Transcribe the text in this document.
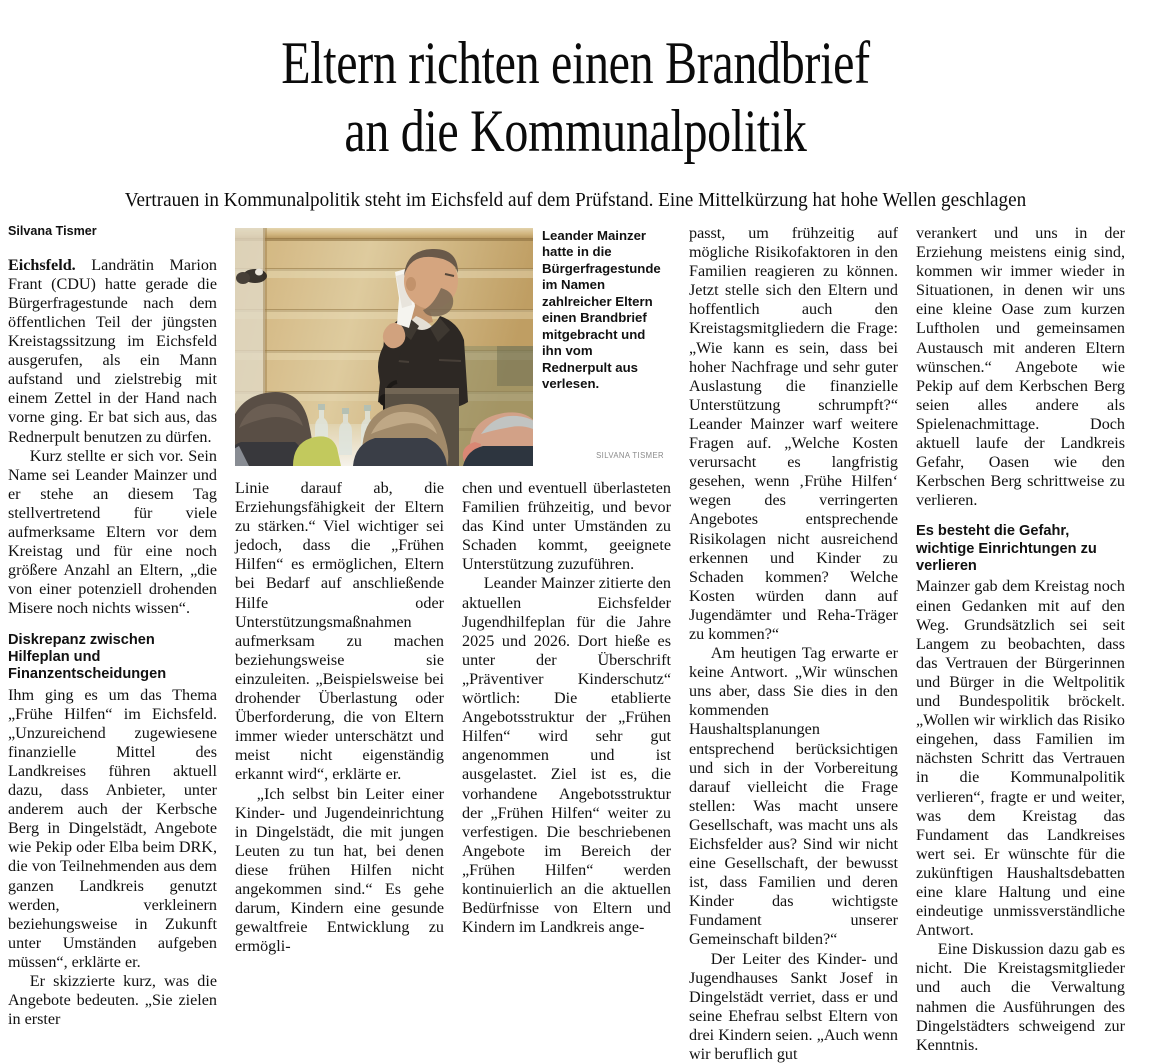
Eltern richten einen Brandbrief
an die Kommunalpolitik
Vertrauen in Kommunalpolitik steht im Eichsfeld auf dem Prüfstand. Eine Mittelkürzung hat hohe Wellen geschlagen
Silvana Tismer

Eichsfeld. Landrätin Marion Frant (CDU) hatte gerade die Bürgerfragestunde nach dem öffentlichen Teil der jüngsten Kreistagssitzung im Eichsfeld ausgerufen, als ein Mann aufstand und zielstrebig mit einem Zettel in der Hand nach vorne ging. Er bat sich aus, das Rednerpult benutzen zu dürfen.

Kurz stellte er sich vor. Sein Name sei Leander Mainzer und er stehe an diesem Tag stellvertretend für viele aufmerksame Eltern vor dem Kreistag und für eine noch größere Anzahl an Eltern, „die von einer potenziell drohenden Misere noch nichts wissen“.

Diskrepanz zwischen Hilfeplan und Finanzentscheidungen

Ihm ging es um das Thema „Frühe Hilfen“ im Eichsfeld. „Unzureichend zugewiesene finanzielle Mittel des Landkreises führen aktuell dazu, dass Anbieter, unter anderem auch der Kerbsche Berg in Dingelstädt, Angebote wie Pekip oder Elba beim DRK, die von Teilnehmenden aus dem ganzen Landkreis genutzt werden, verkleinern beziehungsweise in Zukunft unter Umständen aufgeben müssen“, erklärte er.

Er skizzierte kurz, was die Angebote bedeuten. „Sie zielen in erster

Leander Mainzer hatte in die Bürgerfragestunde im Namen zahlreicher Eltern einen Brandbrief mitgebracht und ihn vom Rednerpult aus verlesen.
SILVANA TISMER

Linie darauf ab, die Erziehungsfähigkeit der Eltern zu stärken.“ Viel wichtiger sei jedoch, dass die „Frühen Hilfen“ es ermöglichen, Eltern bei Bedarf auf anschließende Hilfe oder Unterstützungsmaßnahmen aufmerksam zu machen beziehungsweise sie einzuleiten. „Beispielsweise bei drohender Überlastung oder Überforderung, die von Eltern immer wieder unterschätzt und meist nicht eigenständig erkannt wird“, erklärte er.

„Ich selbst bin Leiter einer Kinder- und Jugendeinrichtung in Dingelstädt, die mit jungen Leuten zu tun hat, bei denen diese frühen Hilfen nicht angekommen sind.“ Es gehe darum, Kindern eine gesunde gewaltfreie Entwicklung zu ermögli-

chen und eventuell überlasteten Familien frühzeitig, und bevor das Kind unter Umständen zu Schaden kommt, geeignete Unterstützung zuzuführen.

Leander Mainzer zitierte den aktuellen Eichsfelder Jugendhilfeplan für die Jahre 2025 und 2026. Dort hieße es unter der Überschrift „Präventiver Kinderschutz“ wörtlich: Die etablierte Angebotsstruktur der „Frühen Hilfen“ wird sehr gut angenommen und ist ausgelastet. Ziel ist es, die vorhandene Angebotsstruktur der „Frühen Hilfen“ weiter zu verfestigen. Die beschriebenen Angebote im Bereich der „Frühen Hilfen“ werden kontinuierlich an die aktuellen Bedürfnisse von Eltern und Kindern im Landkreis ange-

passt, um frühzeitig auf mögliche Risikofaktoren in den Familien reagieren zu können. Jetzt stelle sich den Eltern und hoffentlich auch den Kreistagsmitgliedern die Frage: „Wie kann es sein, dass bei hoher Nachfrage und sehr guter Auslastung die finanzielle Unterstützung schrumpft?“ Leander Mainzer warf weitere Fragen auf. „Welche Kosten verursacht es langfristig gesehen, wenn ‚Frühe Hilfen‘ wegen des verringerten Angebotes entsprechende Risikolagen nicht ausreichend erkennen und Kinder zu Schaden kommen? Welche Kosten würden dann auf Jugendämter und Reha-Träger zu kommen?“

Am heutigen Tag erwarte er keine Antwort. „Wir wünschen uns aber, dass Sie dies in den kommenden Haushaltsplanungen entsprechend berücksichtigen und sich in der Vorbereitung darauf vielleicht die Frage stellen: Was macht unsere Gesellschaft, was macht uns als Eichsfelder aus? Sind wir nicht eine Gesellschaft, der bewusst ist, dass Familien und deren Kinder das wichtigste Fundament unserer Gemeinschaft bilden?“

Der Leiter des Kinder- und Jugendhauses Sankt Josef in Dingelstädt verriet, dass er und seine Ehefrau selbst Eltern von drei Kindern seien. „Auch wenn wir beruflich gut

verankert und uns in der Erziehung meistens einig sind, kommen wir immer wieder in Situationen, in denen wir uns eine kleine Oase zum kurzen Luftholen und gemeinsamen Austausch mit anderen Eltern wünschen.“ Angebote wie Pekip auf dem Kerbschen Berg seien alles andere als Spielenachmittage. Doch aktuell laufe der Landkreis Gefahr, Oasen wie den Kerbschen Berg schrittweise zu verlieren.

Es besteht die Gefahr, wichtige Einrichtungen zu verlieren

Mainzer gab dem Kreistag noch einen Gedanken mit auf den Weg. Grundsätzlich sei seit Langem zu beobachten, dass das Vertrauen der Bürgerinnen und Bürger in die Weltpolitik und Bundespolitik bröckelt. „Wollen wir wirklich das Risiko eingehen, dass Familien im nächsten Schritt das Vertrauen in die Kommunalpolitik verlieren“, fragte er und weiter, was dem Kreistag das Fundament das Landkreises wert sei. Er wünschte für die zukünftigen Haushaltsdebatten eine klare Haltung und eine eindeutige unmissverständliche Antwort.

Eine Diskussion dazu gab es nicht. Die Kreistagsmitglieder und auch die Verwaltung nahmen die Ausführungen des Dingelstädters schweigend zur Kenntnis.
